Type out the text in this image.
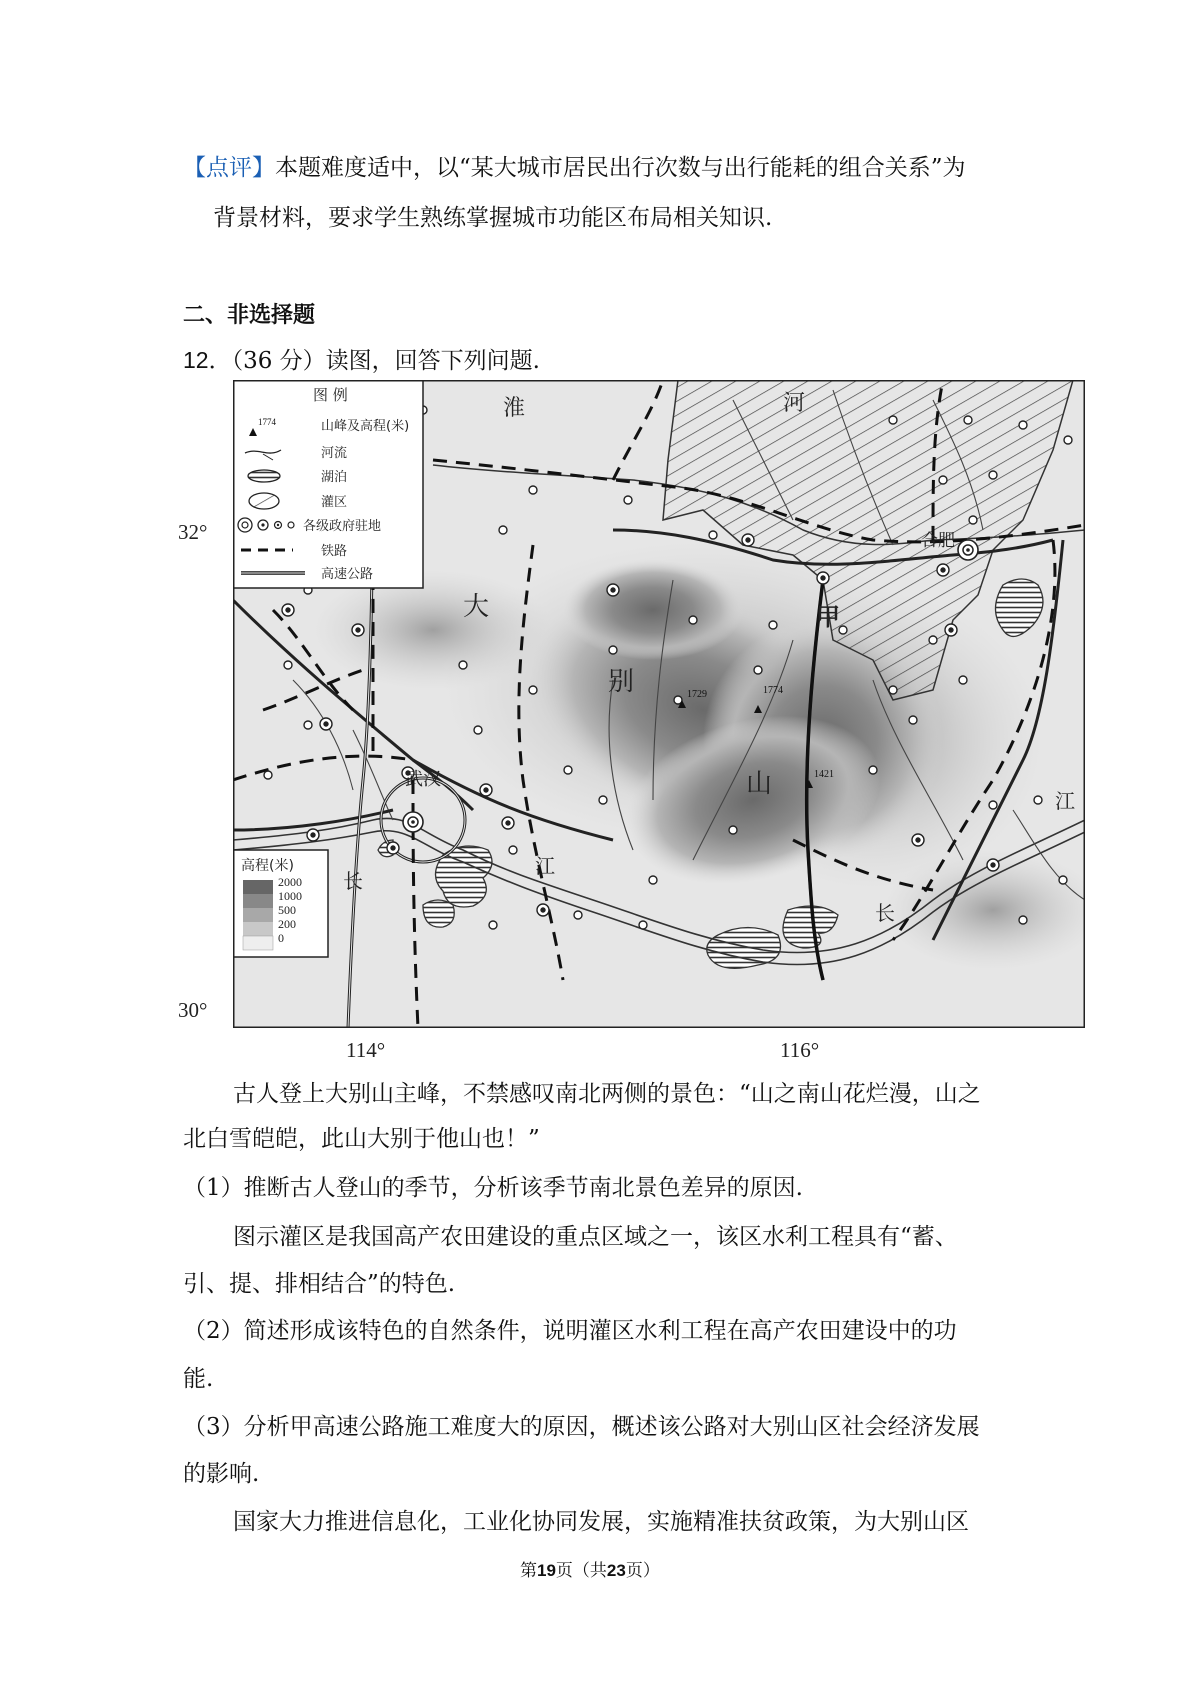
【点评】本题难度适中，以“某大城市居民出行次数与出行能耗的组合关系”为
背景材料，要求学生熟练掌握城市功能区布局相关知识.
二、非选择题
12．（36 分）读图，回答下列问题.
1729	1774
1421
淮	河
大
别
山
甲
合肥
武汉
江
长
长
江
图 例
1774	山峰及高程(米)
河流
湖泊
灌区
各级政府驻地
铁路
高速公路
高程(米)
2000
1000
500
200
0
32°
30°
114°	116°
古人登上大别山主峰，不禁感叹南北两侧的景色：“山之南山花烂漫，山之
北白雪皑皑，此山大别于他山也！”
（1）推断古人登山的季节，分析该季节南北景色差异的原因.
图示灌区是我国高产农田建设的重点区域之一，该区水利工程具有“蓄、
引、提、排相结合”的特色.
（2）简述形成该特色的自然条件，说明灌区水利工程在高产农田建设中的功
能.
（3）分析甲高速公路施工难度大的原因，概述该公路对大别山区社会经济发展
的影响.
国家大力推进信息化，工业化协同发展，实施精准扶贫政策，为大别山区
第19页（共23页）
